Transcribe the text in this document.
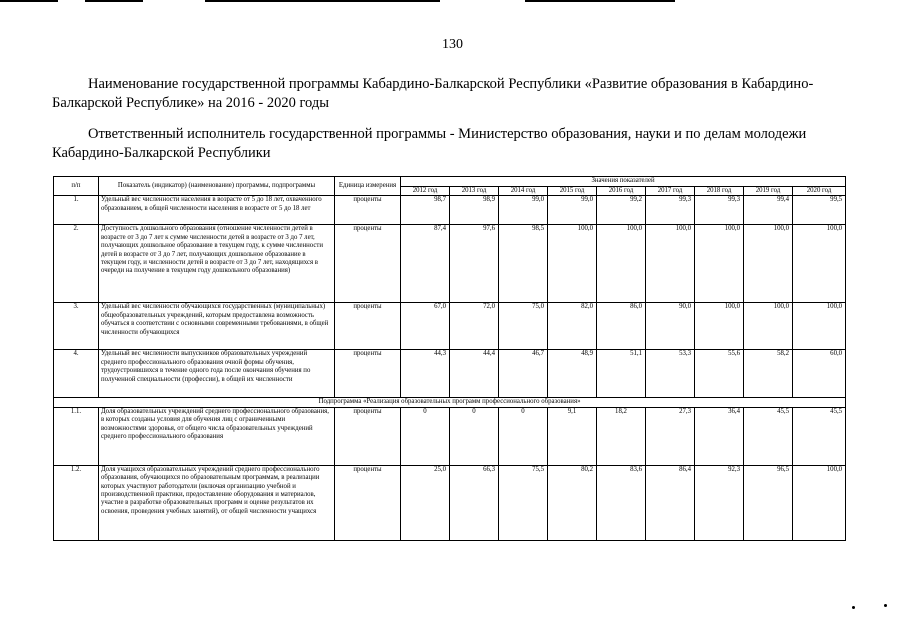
130
Наименование государственной программы Кабардино-Балкарской Республики «Развитие образования в Кабардино-Балкарской Республике» на 2016 - 2020 годы
Ответственный исполнитель государственной программы - Министерство образования, науки и по делам молодежи Кабардино-Балкарской Республики
п/п	Показатель (индикатор) (наименование) программы, подпрограммы	Единица измерения	Значения показателей								
			2012 год	2013 год	2014 год	2015 год	2016 год	2017 год	2018 год	2019 год	2020 год
1.	Удельный вес численности населения в возрасте от 5 до 18 лет, охваченного образованием, в общей численности населения в возрасте от 5 до 18 лет	проценты	98,7	98,9	99,0	99,0	99,2	99,3	99,3	99,4	99,5
2.	Доступность дошкольного образования (отношение численности детей в возрасте от 3 до 7 лет к сумме численности детей в возрасте от 3 до 7 лет, получающих дошкольное образование в текущем году, к сумме численности детей в возрасте от 3 до 7 лет, получающих дошкольное образование в текущем году, и численности детей в возрасте от 3 до 7 лет, находящихся в очереди на получение в текущем году дошкольного образования)	проценты	87,4	97,6	98,5	100,0	100,0	100,0	100,0	100,0	100,0
3.	Удельный вес численности обучающихся государственных (муниципальных) общеобразовательных учреждений, которым предоставлена возможность обучаться в соответствии с основными современными требованиями, в общей численности обучающихся	проценты	67,0	72,0	75,0	82,0	86,0	90,0	100,0	100,0	100,0
4.	Удельный вес численности выпускников образовательных учреждений среднего профессионального образования очной формы обучения, трудоустроившихся в течение одного года после окончания обучения по полученной специальности (профессии), в общей их численности	проценты	44,3	44,4	46,7	48,9	51,1	53,3	55,6	58,2	60,0
Подпрограмма «Реализация образовательных программ профессионального образования»											
1.1.	Доля образовательных учреждений среднего профессионального образования, в которых созданы условия для обучения лиц с ограниченными возможностями здоровья, от общего числа образовательных учреждений среднего профессионального образования	проценты	0	0	0	9,1	18,2	27,3	36,4	45,5	45,5
1.2.	Доля учащихся образовательных учреждений среднего профессионального образования, обучающихся по образовательным программам, в реализации которых участвуют работодатели (включая организацию учебной и производственной практики, предоставление оборудования и материалов, участие в разработке образовательных программ и оценке результатов их освоения, проведения учебных занятий), от общей численности учащихся	проценты	25,0	66,3	75,5	80,2	83,6	86,4	92,3	96,5	100,0
